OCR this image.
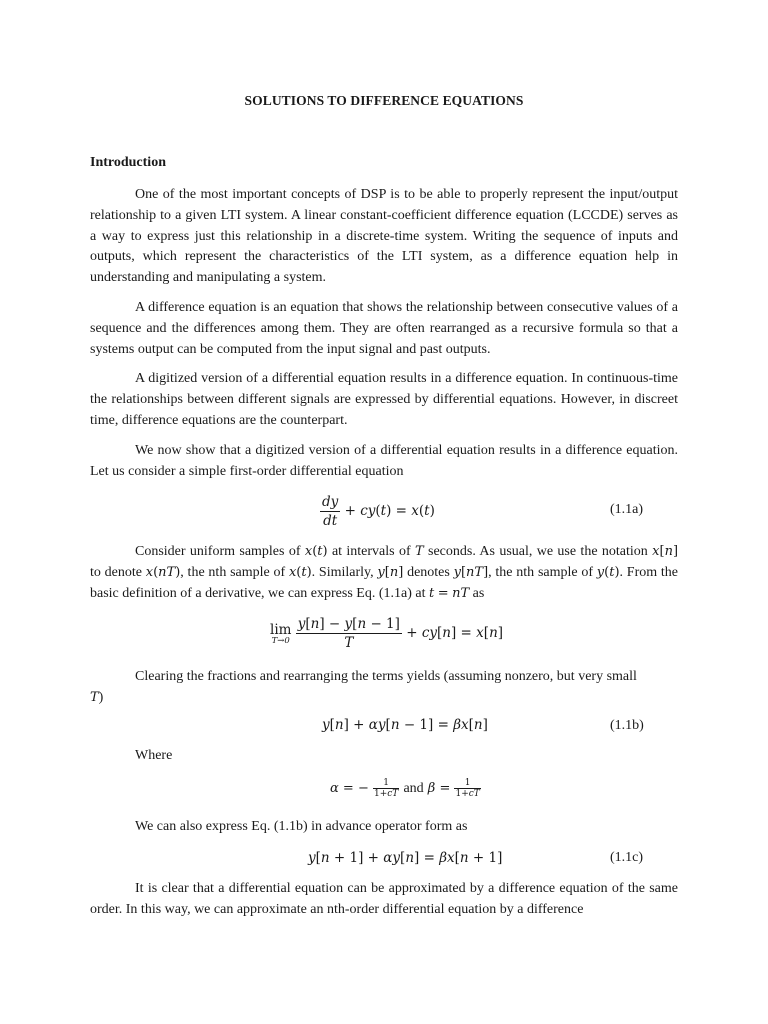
SOLUTIONS TO DIFFERENCE EQUATIONS
Introduction
One of the most important concepts of DSP is to be able to properly represent the input/output relationship to a given LTI system. A linear constant-coefficient difference equation (LCCDE) serves as a way to express just this relationship in a discrete-time system. Writing the sequence of inputs and outputs, which represent the characteristics of the LTI system, as a difference equation help in understanding and manipulating a system.
A difference equation is an equation that shows the relationship between consecutive values of a sequence and the differences among them. They are often rearranged as a recursive formula so that a systems output can be computed from the input signal and past outputs.
A digitized version of a differential equation results in a difference equation. In continuous-time the relationships between different signals are expressed by differential equations. However, in discreet time, difference equations are the counterpart.
We now show that a digitized version of a differential equation results in a difference equation. Let us consider a simple first-order differential equation
$\frac{dy}{dt} + cy(t) = x(t)$	(1.1a)
Consider uniform samples of x(t) at intervals of T seconds. As usual, we use the notation x[n] to denote x(nT), the nth sample of x(t). Similarly, y[n] denotes y[nT], the nth sample of y(t). From the basic definition of a derivative, we can express Eq. (1.1a) at t = nT as
lim
T→0
$\frac{y[n] - y[n - 1]}{T} + cy[n] = x[n]$
Clearing the fractions and rearranging the terms yields (assuming nonzero, but very small
T)
y[n] + αy[n − 1] = βx[n]	(1.1b)
Where
α = − $\frac{1}{1+cT}$ and $\beta = \frac{1}{1+cT}$
We can also express Eq. (1.1b) in advance operator form as
y[n + 1] + αy[n] = βx[n + 1]	(1.1c)
It is clear that a differential equation can be approximated by a difference equation of the same order. In this way, we can approximate an nth-order differential equation by a difference
